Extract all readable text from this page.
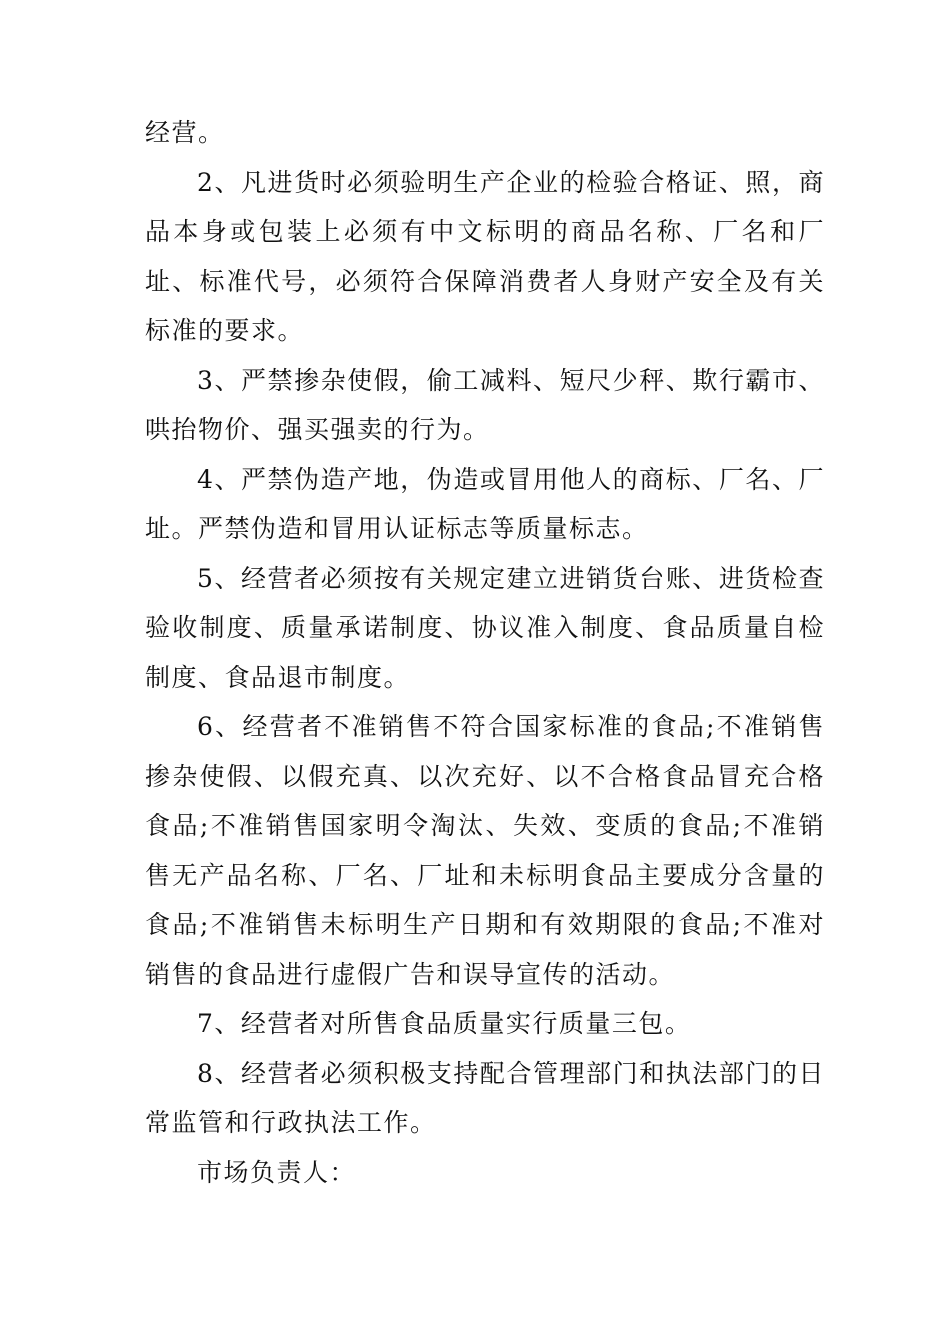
经营。

2、凡进货时必须验明生产企业的检验合格证、照，商品本身或包装上必须有中文标明的商品名称、厂名和厂址、标准代号，必须符合保障消费者人身财产安全及有关标准的要求。

3、严禁掺杂使假，偷工减料、短尺少秤、欺行霸市、哄抬物价、强买强卖的行为。

4、严禁伪造产地，伪造或冒用他人的商标、厂名、厂址。严禁伪造和冒用认证标志等质量标志。

5、经营者必须按有关规定建立进销货台账、进货检查验收制度、质量承诺制度、协议准入制度、食品质量自检制度、食品退市制度。

6、经营者不准销售不符合国家标准的食品;不准销售掺杂使假、以假充真、以次充好、以不合格食品冒充合格食品;不准销售国家明令淘汰、失效、变质的食品;不准销售无产品名称、厂名、厂址和未标明食品主要成分含量的食品;不准销售未标明生产日期和有效期限的食品;不准对销售的食品进行虚假广告和误导宣传的活动。

7、经营者对所售食品质量实行质量三包。

8、经营者必须积极支持配合管理部门和执法部门的日常监管和行政执法工作。

市场负责人：
